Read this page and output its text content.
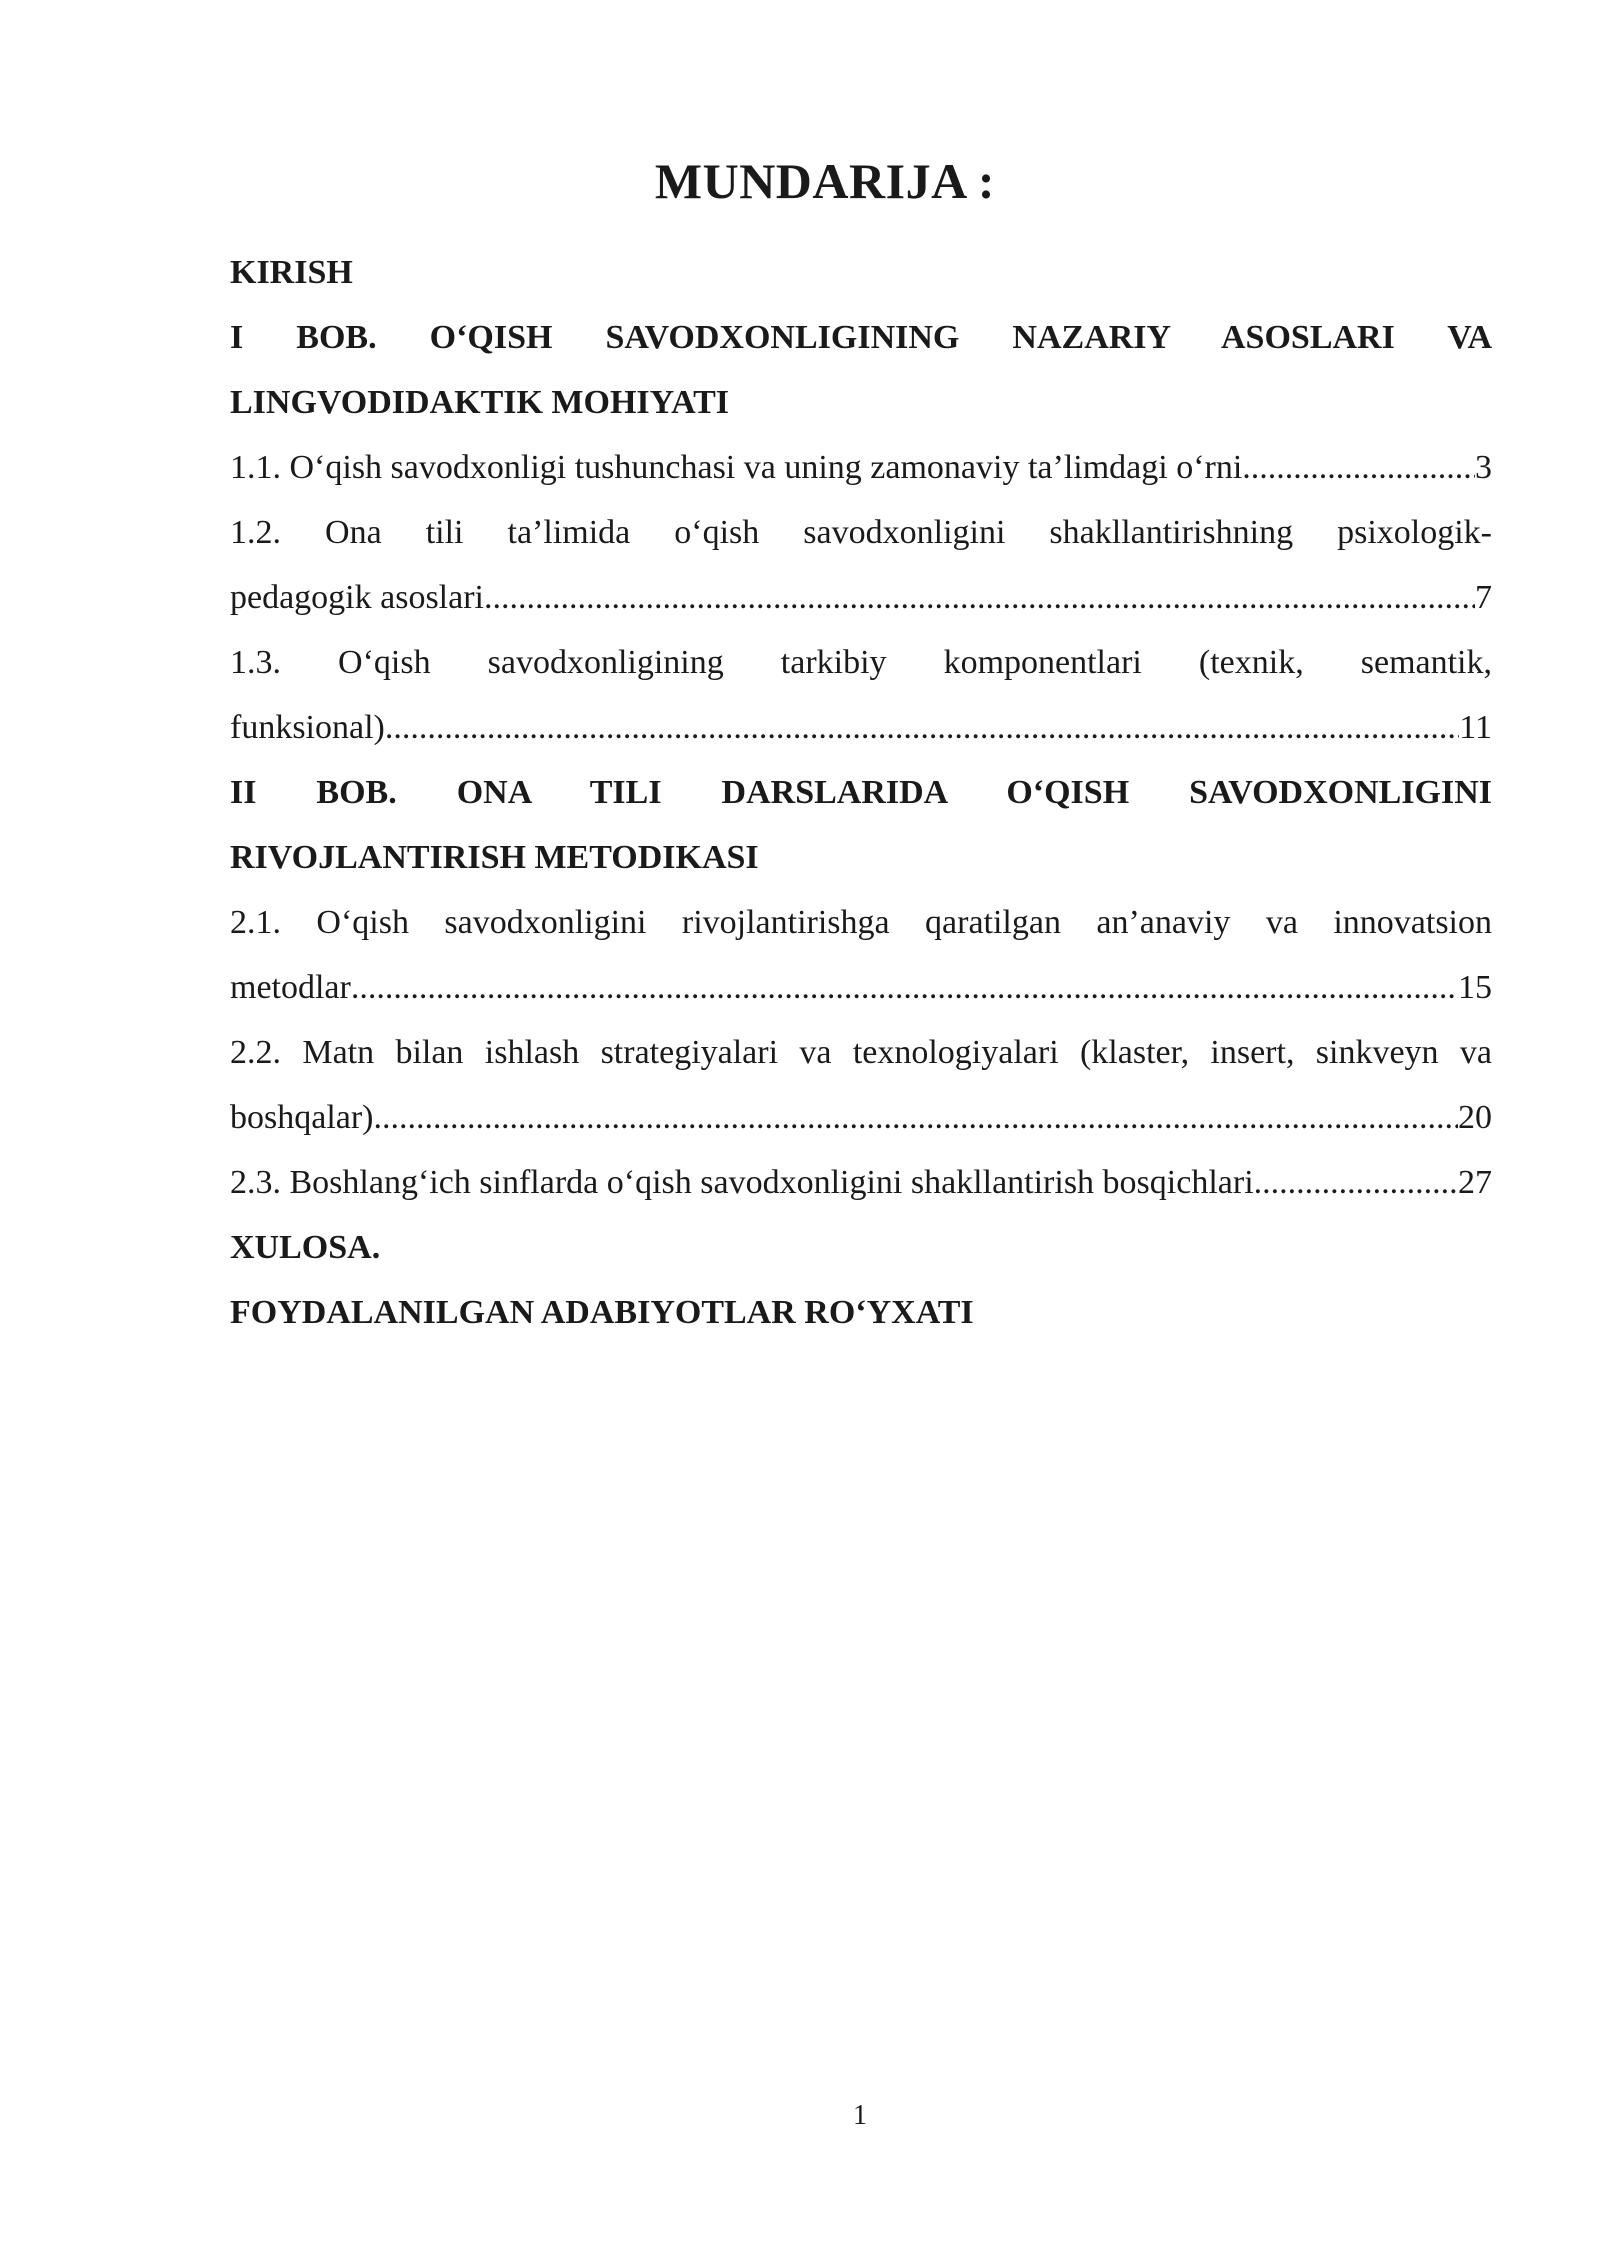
MUNDARIJA :
KIRISH
I BOB. O‘QISH SAVODXONLIGINING NAZARIY ASOSLARI VA
LINGVODIDAKTIK MOHIYATI
1.1. O‘qish savodxonligi tushunchasi va uning zamonaviy ta’limdagi o‘rni .....	3
1.2. Ona tili ta’limida o‘qish savodxonligini shakllantirishning psixologik-
pedagogik asoslari .....	7
1.3. O‘qish savodxonligining tarkibiy komponentlari (texnik, semantik,
funksional) .....	11
II BOB. ONA TILI DARSLARIDA O‘QISH SAVODXONLIGINI
RIVOJLANTIRISH METODIKASI
2.1. O‘qish savodxonligini rivojlantirishga qaratilgan an’anaviy va innovatsion
metodlar .....	15
2.2. Matn bilan ishlash strategiyalari va texnologiyalari (klaster, insert, sinkveyn va
boshqalar) .....	20
2.3. Boshlang‘ich sinflarda o‘qish savodxonligini shakllantirish bosqichlari .....	27
XULOSA.
FOYDALANILGAN ADABIYOTLAR RO‘YXATI
1
